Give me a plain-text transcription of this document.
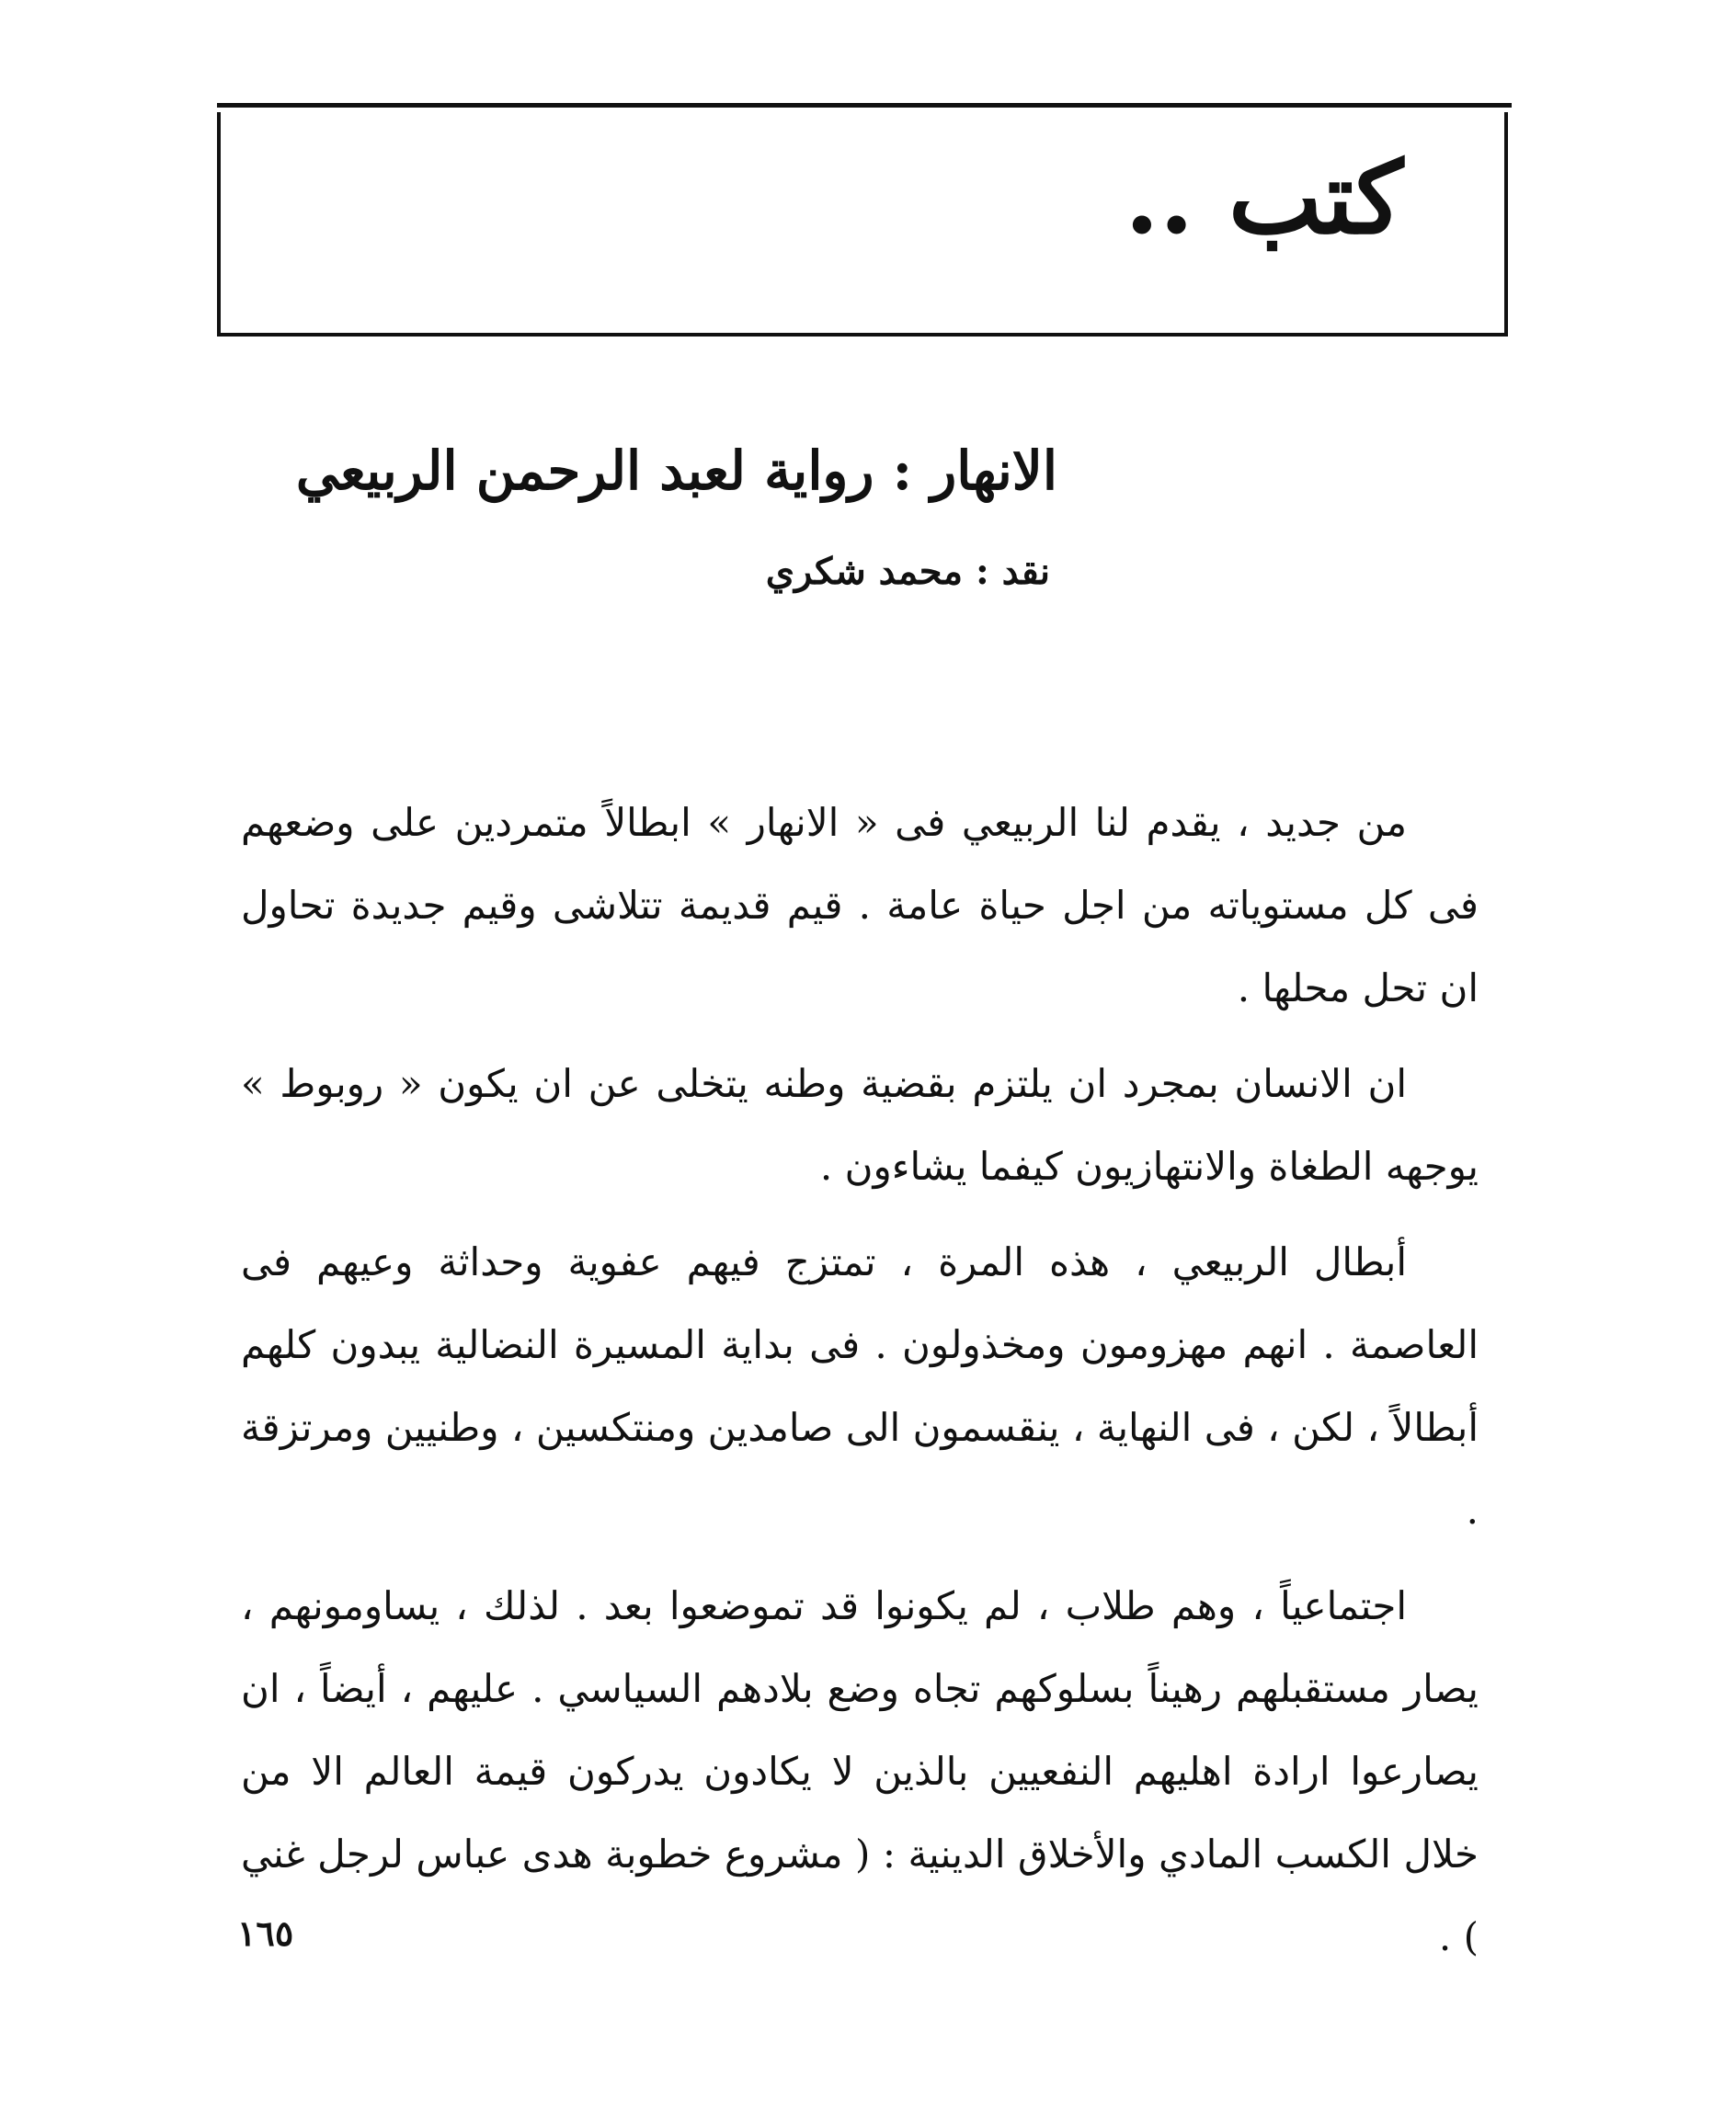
كتب ..
الانهار : رواية لعبد الرحمن الربيعي
نقد : محمد شكري

من جديد ، يقدم لنا الربيعي فى « الانهار » ابطالاً متمردين على وضعهم فى كل مستوياته من اجل حياة عامة . قيم قديمة تتلاشى وقيم جديدة تحاول ان تحل محلها .

ان الانسان بمجرد ان يلتزم بقضية وطنه يتخلى عن ان يكون « روبوط » يوجهه الطغاة والانتهازيون كيفما يشاءون .

أبطال الربيعي ، هذه المرة ، تمتزج فيهم عفوية وحداثة وعيهم فى العاصمة . انهم مهزومون ومخذولون . فى بداية المسيرة النضالية يبدون كلهم أبطالاً ، لكن ، فى النهاية ، ينقسمون الى صامدين ومنتكسين ، وطنيين ومرتزقة .

اجتماعياً ، وهم طلاب ، لم يكونوا قد تموضعوا بعد . لذلك ، يساومونهم ، يصار مستقبلهم رهيناً بسلوكهم تجاه وضع بلادهم السياسي . عليهم ، أيضاً ، ان يصارعوا ارادة اهليهم النفعيين بالذين لا يكادون يدركون قيمة العالم الا من خلال الكسب المادي والأخلاق الدينية : ( مشروع خطوبة هدى عباس لرجل غني ) .

١٦٥
